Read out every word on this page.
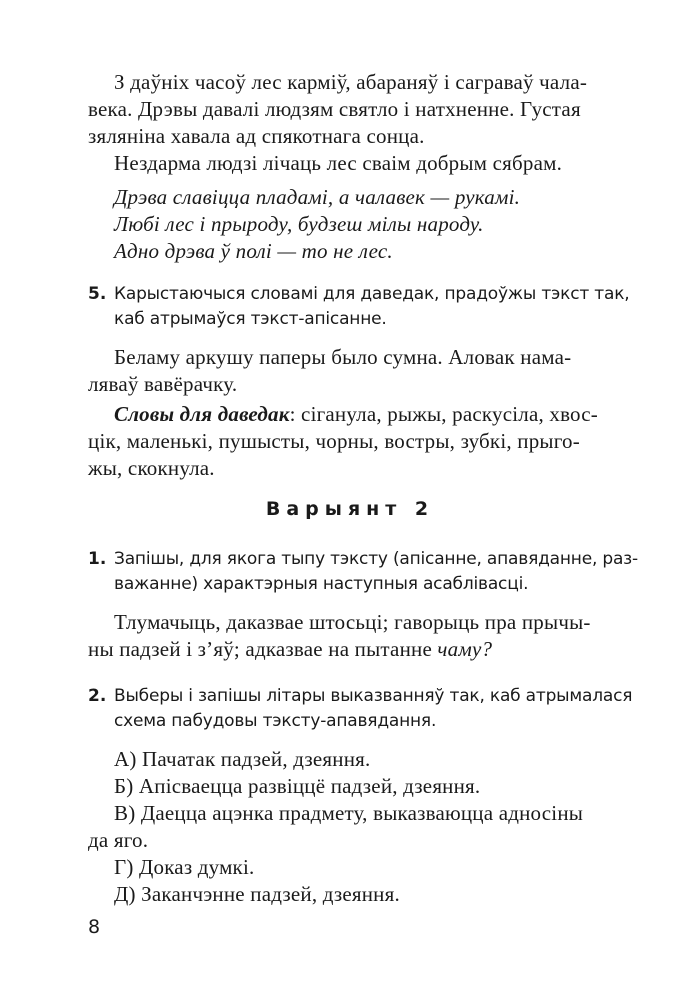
З даўніх часоў лес карміў, абараняў і саграваў чала-
века. Дрэвы давалі людзям святло і натхненне. Густая
зяляніна хавала ад спякотнага сонца.
Нездарма людзі лічаць лес сваім добрым сябрам.
Дрэва славіцца пладамі, а чалавек — рукамі.
Любі лес і прыроду, будзеш мілы народу.
Адно дрэва ў полі — то не лес.
5. Карыстаючыся словамі для даведак, прадоўжы тэкст так,
каб атрымаўся тэкст-апісанне.
Беламу аркушу паперы было сумна. Аловак нама-
ляваў вавёрачку.
Словы для даведак: сiганула, рыжы, раскусіла, хвос-
цік, маленькі, пушысты, чорны, востры, зубкі, прыго-
жы, скокнула.
Варыянт 2
1. Запішы, для якога тыпу тэксту (апісанне, апавяданне, раз-
важанне) характэрныя наступныя асаблівасці.
Тлумачыць, даказвае штосьці; гаворыць пра прычы-
ны падзей і з’яў; адказвае на пытанне чаму?
2. Выберы і запішы літары выказванняў так, каб атрымалася
схема пабудовы тэксту-апавядання.
А) Пачатак падзей, дзеяння.
Б) Апісваецца развіццё падзей, дзеяння.
В) Даецца ацэнка прадмету, выказваюцца адносіны
да яго.
Г) Доказ думкі.
Д) Заканчэнне падзей, дзеяння.
8
